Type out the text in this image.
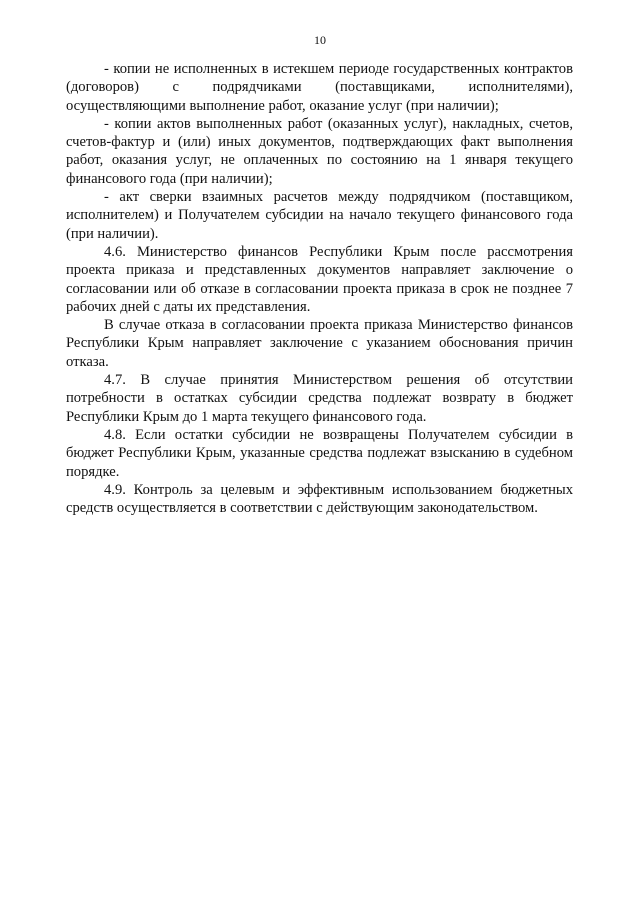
10

- копии не исполненных в истекшем периоде государственных контрактов (договоров) с подрядчиками (поставщиками, исполнителями), осуществляющими выполнение работ, оказание услуг (при наличии);

- копии актов выполненных работ (оказанных услуг), накладных, счетов, счетов-фактур и (или) иных документов, подтверждающих факт выполнения работ, оказания услуг, не оплаченных по состоянию на 1 января текущего финансового года (при наличии);

- акт сверки взаимных расчетов между подрядчиком (поставщиком, исполнителем) и Получателем субсидии на начало текущего финансового года (при наличии).

4.6. Министерство финансов Республики Крым после рассмотрения проекта приказа и представленных документов направляет заключение о согласовании или об отказе в согласовании проекта приказа в срок не позднее 7 рабочих дней с даты их представления.

В случае отказа в согласовании проекта приказа Министерство финансов Республики Крым направляет заключение с указанием обоснования причин отказа.

4.7. В случае принятия Министерством решения об отсутствии потребности в остатках субсидии средства подлежат возврату в бюджет Республики Крым до 1 марта текущего финансового года.

4.8. Если остатки субсидии не возвращены Получателем субсидии в бюджет Республики Крым, указанные средства подлежат взысканию в судебном порядке.

4.9. Контроль за целевым и эффективным использованием бюджетных средств осуществляется в соответствии с действующим законодательством.
